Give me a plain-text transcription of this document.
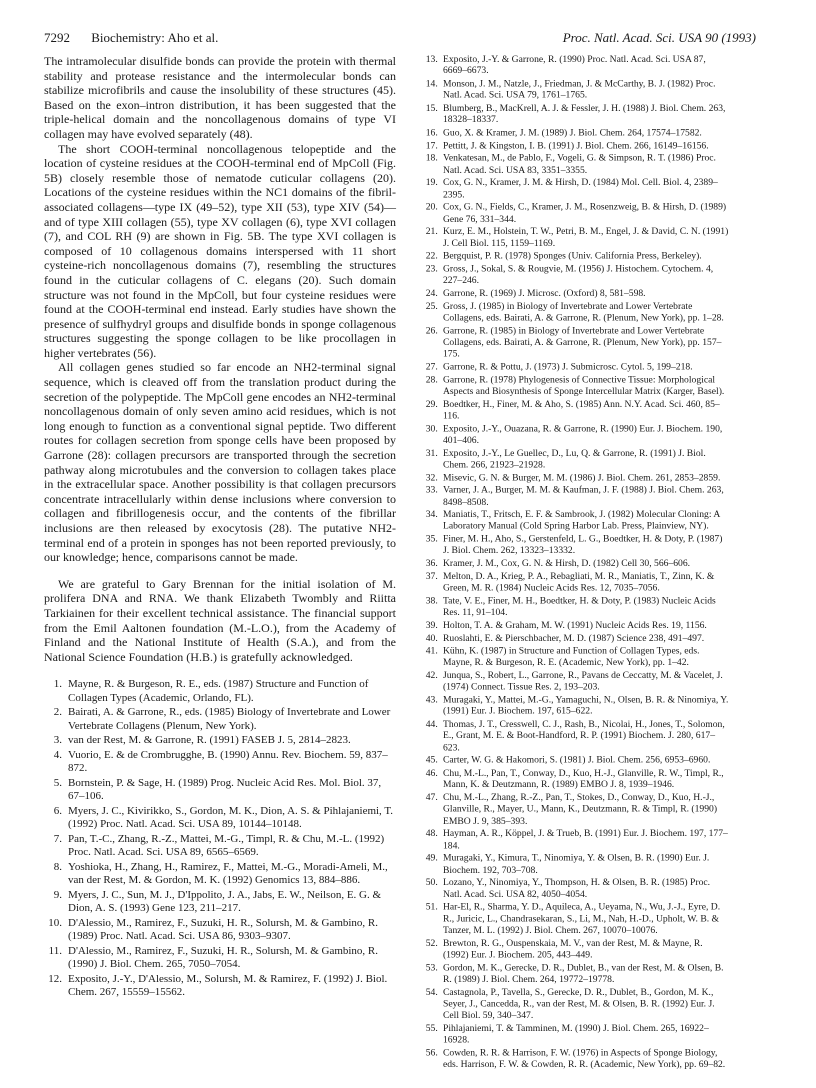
7292 Biochemistry: Aho et al.	Proc. Natl. Acad. Sci. USA 90 (1993)

The intramolecular disulfide bonds can provide the protein with thermal stability and protease resistance and the intermolecular bonds can stabilize microfibrils and cause the insolubility of these structures (45). Based on the exon–intron distribution, it has been suggested that the triple-helical domain and the noncollagenous domains of type VI collagen may have evolved separately (48).

The short COOH-terminal noncollagenous telopeptide and the location of cysteine residues at the COOH-terminal end of MpColl (Fig. 5B) closely resemble those of nematode cuticular collagens (20). Locations of the cysteine residues within the NC1 domains of the fibril-associated collagens—type IX (49–52), type XII (53), type XIV (54)—and of type XIII collagen (55), type XV collagen (6), type XVI collagen (7), and COL RH (9) are shown in Fig. 5B. The type XVI collagen is composed of 10 collagenous domains interspersed with 11 short cysteine-rich noncollagenous domains (7), resembling the structures found in the cuticular collagens of C. elegans (20). Such domain structure was not found in the MpColl, but four cysteine residues were found at the COOH-terminal end instead. Early studies have shown the presence of sulfhydryl groups and disulfide bonds in sponge collagenous structures suggesting the sponge collagen to be like procollagen in higher vertebrates (56).

All collagen genes studied so far encode an NH2-terminal signal sequence, which is cleaved off from the translation product during the secretion of the polypeptide. The MpColl gene encodes an NH2-terminal noncollagenous domain of only seven amino acid residues, which is not long enough to function as a conventional signal peptide. Two different routes for collagen secretion from sponge cells have been proposed by Garrone (28): collagen precursors are transported through the secretion pathway along microtubules and the conversion to collagen takes place in the extracellular space. Another possibility is that collagen precursors concentrate intracellularly within dense inclusions where conversion to collagen and fibrillogenesis occur, and the contents of the fibrillar inclusions are then released by exocytosis (28). The putative NH2-terminal end of a protein in sponges has not been reported previously, to our knowledge; hence, comparisons cannot be made.

We are grateful to Gary Brennan for the initial isolation of M. prolifera DNA and RNA. We thank Elizabeth Twombly and Riitta Tarkiainen for their excellent technical assistance. The financial support from the Emil Aaltonen foundation (M.-L.O.), from the Academy of Finland and the National Institute of Health (S.A.), and from the National Science Foundation (H.B.) is gratefully acknowledged.

1. Mayne, R. & Burgeson, R. E., eds. (1987) Structure and Function of Collagen Types (Academic, Orlando, FL).
2. Bairati, A. & Garrone, R., eds. (1985) Biology of Invertebrate and Lower Vertebrate Collagens (Plenum, New York).
3. van der Rest, M. & Garrone, R. (1991) FASEB J. 5, 2814–2823.
4. Vuorio, E. & de Crombrugghe, B. (1990) Annu. Rev. Biochem. 59, 837–872.
5. Bornstein, P. & Sage, H. (1989) Prog. Nucleic Acid Res. Mol. Biol. 37, 67–106.
6. Myers, J. C., Kivirikko, S., Gordon, M. K., Dion, A. S. & Pihlajaniemi, T. (1992) Proc. Natl. Acad. Sci. USA 89, 10144–10148.
7. Pan, T.-C., Zhang, R.-Z., Mattei, M.-G., Timpl, R. & Chu, M.-L. (1992) Proc. Natl. Acad. Sci. USA 89, 6565–6569.
8. Yoshioka, H., Zhang, H., Ramirez, F., Mattei, M.-G., Moradi-Ameli, M., van der Rest, M. & Gordon, M. K. (1992) Genomics 13, 884–886.
9. Myers, J. C., Sun, M. J., D'Ippolito, J. A., Jabs, E. W., Neilson, E. G. & Dion, A. S. (1993) Gene 123, 211–217.
10. D'Alessio, M., Ramirez, F., Suzuki, H. R., Solursh, M. & Gambino, R. (1989) Proc. Natl. Acad. Sci. USA 86, 9303–9307.
11. D'Alessio, M., Ramirez, F., Suzuki, H. R., Solursh, M. & Gambino, R. (1990) J. Biol. Chem. 265, 7050–7054.
12. Exposito, J.-Y., D'Alessio, M., Solursh, M. & Ramirez, F. (1992) J. Biol. Chem. 267, 15559–15562.
13. Exposito, J.-Y. & Garrone, R. (1990) Proc. Natl. Acad. Sci. USA 87, 6669–6673.
14. Monson, J. M., Natzle, J., Friedman, J. & McCarthy, B. J. (1982) Proc. Natl. Acad. Sci. USA 79, 1761–1765.
15. Blumberg, B., MacKrell, A. J. & Fessler, J. H. (1988) J. Biol. Chem. 263, 18328–18337.
16. Guo, X. & Kramer, J. M. (1989) J. Biol. Chem. 264, 17574–17582.
17. Pettitt, J. & Kingston, I. B. (1991) J. Biol. Chem. 266, 16149–16156.
18. Venkatesan, M., de Pablo, F., Vogeli, G. & Simpson, R. T. (1986) Proc. Natl. Acad. Sci. USA 83, 3351–3355.
19. Cox, G. N., Kramer, J. M. & Hirsh, D. (1984) Mol. Cell. Biol. 4, 2389–2395.
20. Cox, G. N., Fields, C., Kramer, J. M., Rosenzweig, B. & Hirsh, D. (1989) Gene 76, 331–344.
21. Kurz, E. M., Holstein, T. W., Petri, B. M., Engel, J. & David, C. N. (1991) J. Cell Biol. 115, 1159–1169.
22. Bergquist, P. R. (1978) Sponges (Univ. California Press, Berkeley).
23. Gross, J., Sokal, S. & Rougvie, M. (1956) J. Histochem. Cytochem. 4, 227–246.
24. Garrone, R. (1969) J. Microsc. (Oxford) 8, 581–598.
25. Gross, J. (1985) in Biology of Invertebrate and Lower Vertebrate Collagens, eds. Bairati, A. & Garrone, R. (Plenum, New York), pp. 1–28.
26. Garrone, R. (1985) in Biology of Invertebrate and Lower Vertebrate Collagens, eds. Bairati, A. & Garrone, R. (Plenum, New York), pp. 157–175.
27. Garrone, R. & Pottu, J. (1973) J. Submicrosc. Cytol. 5, 199–218.
28. Garrone, R. (1978) Phylogenesis of Connective Tissue: Morphological Aspects and Biosynthesis of Sponge Intercellular Matrix (Karger, Basel).
29. Boedtker, H., Finer, M. & Aho, S. (1985) Ann. N.Y. Acad. Sci. 460, 85–116.
30. Exposito, J.-Y., Ouazana, R. & Garrone, R. (1990) Eur. J. Biochem. 190, 401–406.
31. Exposito, J.-Y., Le Guellec, D., Lu, Q. & Garrone, R. (1991) J. Biol. Chem. 266, 21923–21928.
32. Misevic, G. N. & Burger, M. M. (1986) J. Biol. Chem. 261, 2853–2859.
33. Varner, J. A., Burger, M. M. & Kaufman, J. F. (1988) J. Biol. Chem. 263, 8498–8508.
34. Maniatis, T., Fritsch, E. F. & Sambrook, J. (1982) Molecular Cloning: A Laboratory Manual (Cold Spring Harbor Lab. Press, Plainview, NY).
35. Finer, M. H., Aho, S., Gerstenfeld, L. G., Boedtker, H. & Doty, P. (1987) J. Biol. Chem. 262, 13323–13332.
36. Kramer, J. M., Cox, G. N. & Hirsh, D. (1982) Cell 30, 566–606.
37. Melton, D. A., Krieg, P. A., Rebagliati, M. R., Maniatis, T., Zinn, K. & Green, M. R. (1984) Nucleic Acids Res. 12, 7035–7056.
38. Tate, V. E., Finer, M. H., Boedtker, H. & Doty, P. (1983) Nucleic Acids Res. 11, 91–104.
39. Holton, T. A. & Graham, M. W. (1991) Nucleic Acids Res. 19, 1156.
40. Ruoslahti, E. & Pierschbacher, M. D. (1987) Science 238, 491–497.
41. Kühn, K. (1987) in Structure and Function of Collagen Types, eds. Mayne, R. & Burgeson, R. E. (Academic, New York), pp. 1–42.
42. Junqua, S., Robert, L., Garrone, R., Pavans de Ceccatty, M. & Vacelet, J. (1974) Connect. Tissue Res. 2, 193–203.
43. Muragaki, Y., Mattei, M.-G., Yamaguchi, N., Olsen, B. R. & Ninomiya, Y. (1991) Eur. J. Biochem. 197, 615–622.
44. Thomas, J. T., Cresswell, C. J., Rash, B., Nicolai, H., Jones, T., Solomon, E., Grant, M. E. & Boot-Handford, R. P. (1991) Biochem. J. 280, 617–623.
45. Carter, W. G. & Hakomori, S. (1981) J. Biol. Chem. 256, 6953–6960.
46. Chu, M.-L., Pan, T., Conway, D., Kuo, H.-J., Glanville, R. W., Timpl, R., Mann, K. & Deutzmann, R. (1989) EMBO J. 8, 1939–1946.
47. Chu, M.-L., Zhang, R.-Z., Pan, T., Stokes, D., Conway, D., Kuo, H.-J., Glanville, R., Mayer, U., Mann, K., Deutzmann, R. & Timpl, R. (1990) EMBO J. 9, 385–393.
48. Hayman, A. R., Köppel, J. & Trueb, B. (1991) Eur. J. Biochem. 197, 177–184.
49. Muragaki, Y., Kimura, T., Ninomiya, Y. & Olsen, B. R. (1990) Eur. J. Biochem. 192, 703–708.
50. Lozano, Y., Ninomiya, Y., Thompson, H. & Olsen, B. R. (1985) Proc. Natl. Acad. Sci. USA 82, 4050–4054.
51. Har-El, R., Sharma, Y. D., Aquileca, A., Ueyama, N., Wu, J.-J., Eyre, D. R., Juricic, L., Chandrasekaran, S., Li, M., Nah, H.-D., Upholt, W. B. & Tanzer, M. L. (1992) J. Biol. Chem. 267, 10070–10076.
52. Brewton, R. G., Ouspenskaia, M. V., van der Rest, M. & Mayne, R. (1992) Eur. J. Biochem. 205, 443–449.
53. Gordon, M. K., Gerecke, D. R., Dublet, B., van der Rest, M. & Olsen, B. R. (1989) J. Biol. Chem. 264, 19772–19778.
54. Castagnola, P., Tavella, S., Gerecke, D. R., Dublet, B., Gordon, M. K., Seyer, J., Cancedda, R., van der Rest, M. & Olsen, B. R. (1992) Eur. J. Cell Biol. 59, 340–347.
55. Pihlajaniemi, T. & Tamminen, M. (1990) J. Biol. Chem. 265, 16922–16928.
56. Cowden, R. R. & Harrison, F. W. (1976) in Aspects of Sponge Biology, eds. Harrison, F. W. & Cowden, R. R. (Academic, New York), pp. 69–82.
